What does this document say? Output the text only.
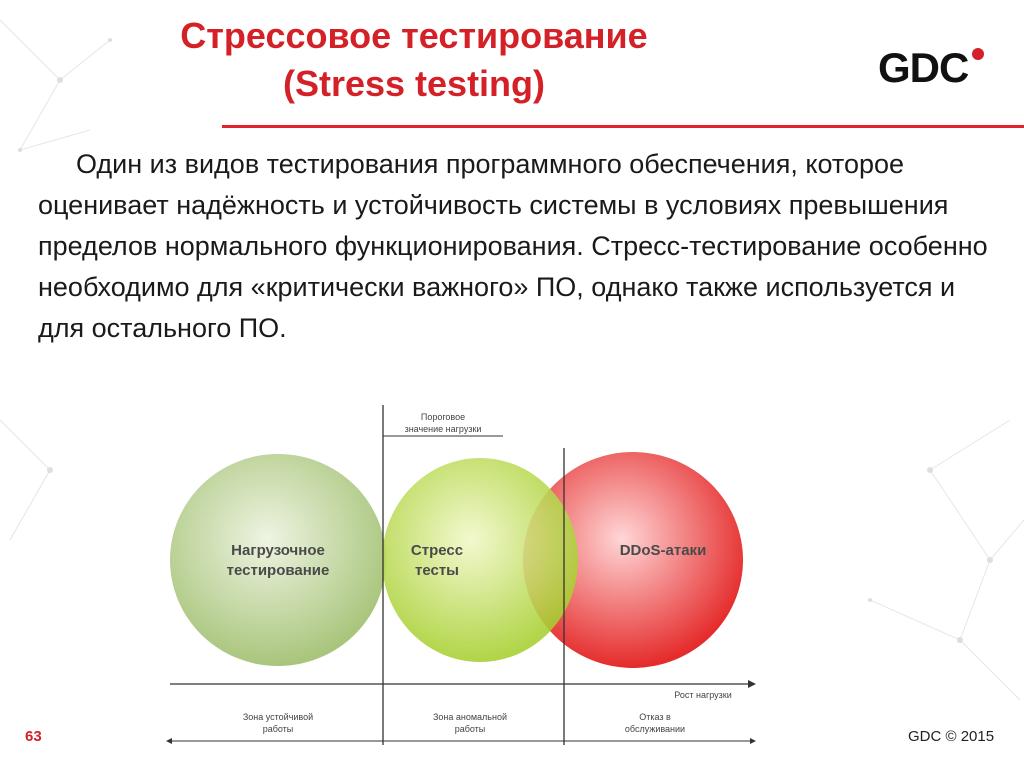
Стрессовое тестирование
(Stress testing)	GDC

Один из видов тестирования программного обеспечения, которое оценивает надёжность и устойчивость системы в условиях превышения пределов нормального функционирования. Стресс-тестирование особенно необходимо для «критически важного» ПО, однако также используется и для остального ПО.

Нагрузочное
тестирование
Стресс
тесты
DDoS-атаки
Пороговое
значение нагрузки
Рост нагрузки
Зона устойчивой
работы
Зона аномальной
работы
Отказ в
обслуживании
63	GDC © 2015
